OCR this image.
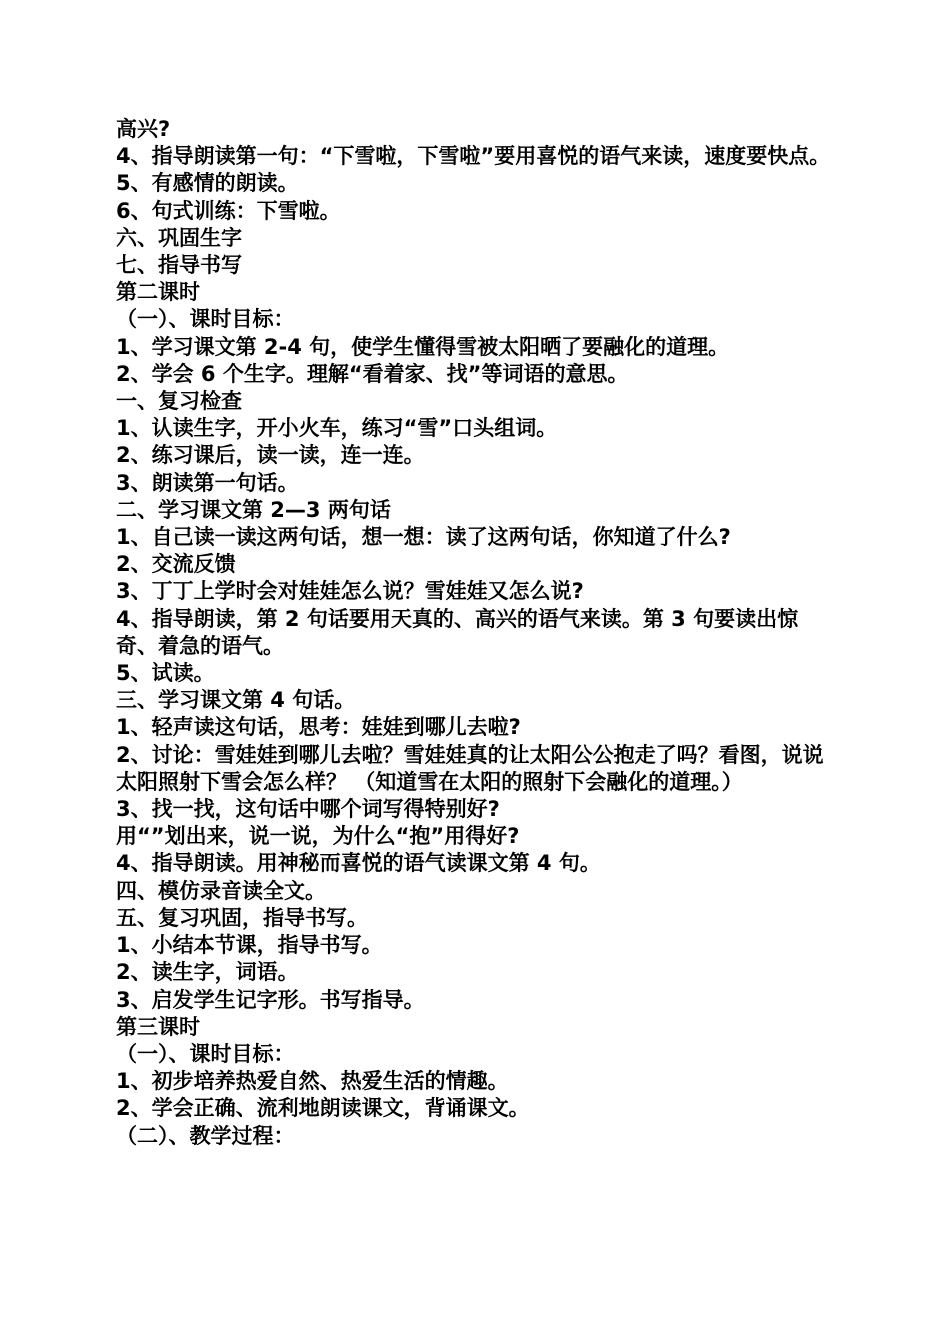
高兴?

4、指导朗读第一句：“下雪啦，下雪啦”要用喜悦的语气来读，速度要快点。

5、有感情的朗读。

6、句式训练：下雪啦。

六、巩固生字

七、指导书写

第二课时

（一）、课时目标：

1、学习课文第 2-4 句，使学生懂得雪被太阳晒了要融化的道理。

2、学会 6 个生字。理解“看着家、找”等词语的意思。

一、复习检查

1、认读生字，开小火车，练习“雪”口头组词。

2、练习课后，读一读，连一连。

3、朗读第一句话。

二、学习课文第 2—3 两句话

1、自己读一读这两句话，想一想：读了这两句话，你知道了什么?

2、交流反馈

3、丁丁上学时会对娃娃怎么说？雪娃娃又怎么说?

4、指导朗读，第 2 句话要用天真的、高兴的语气来读。第 3 句要读出惊奇、着急的语气。

5、试读。

三、学习课文第 4 句话。

1、轻声读这句话，思考：娃娃到哪儿去啦?

2、讨论：雪娃娃到哪儿去啦？雪娃娃真的让太阳公公抱走了吗？看图，说说太阳照射下雪会怎么样？ （知道雪在太阳的照射下会融化的道理。）

3、找一找，这句话中哪个词写得特别好?

用“”划出来，说一说，为什么“抱”用得好?

4、指导朗读。用神秘而喜悦的语气读课文第 4 句。

四、模仿录音读全文。

五、复习巩固，指导书写。

1、小结本节课，指导书写。

2、读生字，词语。

3、启发学生记字形。书写指导。

第三课时

（一）、课时目标：

1、初步培养热爱自然、热爱生活的情趣。

2、学会正确、流利地朗读课文，背诵课文。

（二）、教学过程：
